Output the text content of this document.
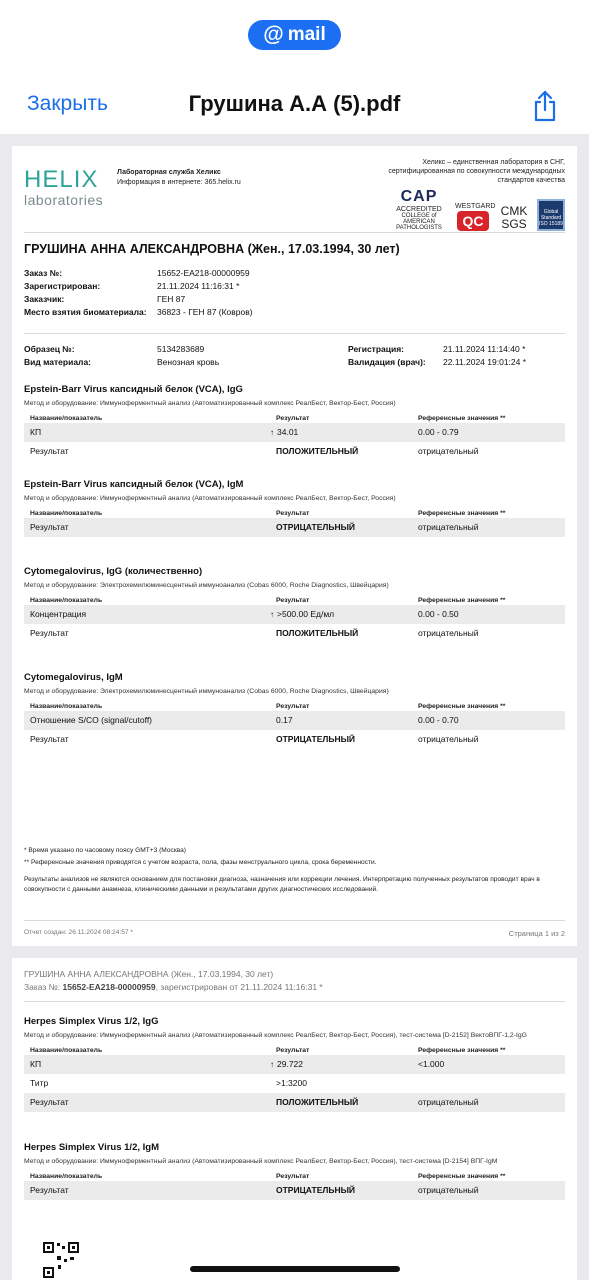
@ mail
Грушина А.А (5).pdf
Закрыть
HELIX
laboratories
Лабораторная служба Хеликс
Информация в интернете: 365.helix.ru
Хеликс – единственная лаборатория в СНГ, сертифицированная по совокупности международных стандартов качества
CAP
ACCREDITED
COLLEGE of AMERICAN PATHOLOGISTS
WESTGARD
QC
CMK
SGS
Global Standard ISO 15189
ГРУШИНА АННА АЛЕКСАНДРОВНА (Жен., 17.03.1994, 30 лет)
Заказ №:	15652-ЕА218-00000959
Зарегистрирован:	21.11.2024 11:16:31 *
Заказчик:	ГЕН 87
Место взятия биоматериала: 36823 - ГЕН 87 (Ковров)
Образец №:	5134283689
Вид материала:	Венозная кровь
Регистрация:	21.11.2024 11:14:40 *
Валидация (врач): 22.11.2024 19:01:24 *
Epstein-Barr Virus капсидный белок (VCA), IgG
Метод и оборудование: Иммуноферментный анализ (Автоматизированный комплекс РеалБест, Вектор-Бест, Россия)
Название/показатель	Результат	Референсные значения **
КП	↑ 34.01	0.00 - 0.79
Результат	ПОЛОЖИТЕЛЬНЫЙ	отрицательный
Epstein-Barr Virus капсидный белок (VCA), IgM
Метод и оборудование: Иммуноферментный анализ (Автоматизированный комплекс РеалБест, Вектор-Бест, Россия)
Название/показатель	Результат	Референсные значения **
Результат	ОТРИЦАТЕЛЬНЫЙ	отрицательный
Cytomegalovirus, IgG (количественно)
Метод и оборудование: Электрохемилюминесцентный иммуноанализ (Cobas 6000, Roche Diagnostics, Швейцария)
Название/показатель	Результат	Референсные значения **
Концентрация	↑ >500.00 Ед/мл	0.00 - 0.50
Результат	ПОЛОЖИТЕЛЬНЫЙ	отрицательный
Cytomegalovirus, IgM
Метод и оборудование: Электрохемилюминесцентный иммуноанализ (Cobas 6000, Roche Diagnostics, Швейцария)
Название/показатель	Результат	Референсные значения **
Отношение S/CO (signal/cutoff)	0.17	0.00 - 0.70
Результат	ОТРИЦАТЕЛЬНЫЙ	отрицательный
* Время указано по часовому поясу GMT+3 (Москва)
** Референсные значения приводятся с учетом возраста, пола, фазы менструального цикла, срока беременности.
Результаты анализов не являются основанием для постановки диагноза, назначения или коррекции лечения. Интерпретацию полученных результатов проводит врач в совокупности с данными анамнеза, клиническими данными и результатами других диагностических исследований.
Отчет создан: 26.11.2024 08:24:57 *	Страница 1 из 2
ГРУШИНА АННА АЛЕКСАНДРОВНА (Жен., 17.03.1994, 30 лет)
Заказ №: 15652-ЕА218-00000959, зарегистрирован от 21.11.2024 11:16:31 *
Herpes Simplex Virus 1/2, IgG
Метод и оборудование: Иммуноферментный анализ (Автоматизированный комплекс РеалБест, Вектор-Бест, Россия), тест-система [D-2152] ВектоВПГ-1,2-IgG
Название/показатель	Результат	Референсные значения **
КП	↑ 29.722	<1.000
Титр	>1:3200
Результат	ПОЛОЖИТЕЛЬНЫЙ	отрицательный
Herpes Simplex Virus 1/2, IgM
Метод и оборудование: Иммуноферментный анализ (Автоматизированный комплекс РеалБест, Вектор-Бест, Россия), тест-система [D-2154] ВПГ-IgM
Название/показатель	Результат	Референсные значения **
Результат	ОТРИЦАТЕЛЬНЫЙ	отрицательный
